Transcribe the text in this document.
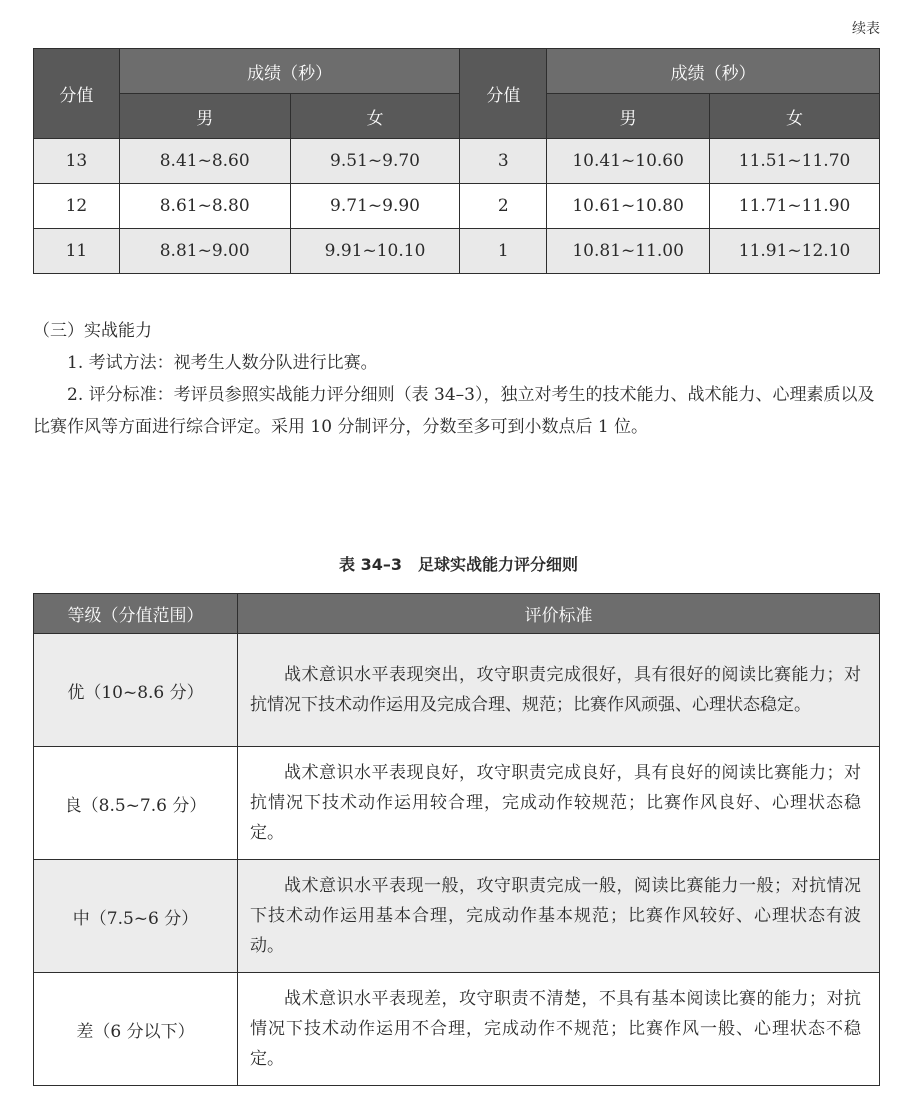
续表
分值	成绩（秒）		分值	成绩（秒）	
	男	女		男	女
13	8.41~8.60	9.51~9.70	3	10.41~10.60	11.51~11.70
12	8.61~8.80	9.71~9.90	2	10.61~10.80	11.71~11.90
11	8.81~9.00	9.91~10.10	1	10.81~11.00	11.91~12.10
（三）实战能力

1. 考试方法：视考生人数分队进行比赛。

2. 评分标准：考评员参照实战能力评分细则（表 34–3），独立对考生的技术能力、战术能力、心理素质以及比赛作风等方面进行综合评定。采用 10 分制评分，分数至多可到小数点后 1 位。

表 34–3　足球实战能力评分细则
等级（分值范围）	评价标准
优（10~8.6 分）	战术意识水平表现突出，攻守职责完成很好，具有很好的阅读比赛能力；对抗情况下技术动作运用及完成合理、规范；比赛作风顽强、心理状态稳定。

良（8.5~7.6 分）	战术意识水平表现良好，攻守职责完成良好，具有良好的阅读比赛能力；对抗情况下技术动作运用较合理，完成动作较规范；比赛作风良好、心理状态稳定。

中（7.5~6 分）	战术意识水平表现一般，攻守职责完成一般，阅读比赛能力一般；对抗情况下技术动作运用基本合理，完成动作基本规范；比赛作风较好、心理状态有波动。

差（6 分以下）	战术意识水平表现差，攻守职责不清楚，不具有基本阅读比赛的能力；对抗情况下技术动作运用不合理，完成动作不规范；比赛作风一般、心理状态不稳定。
